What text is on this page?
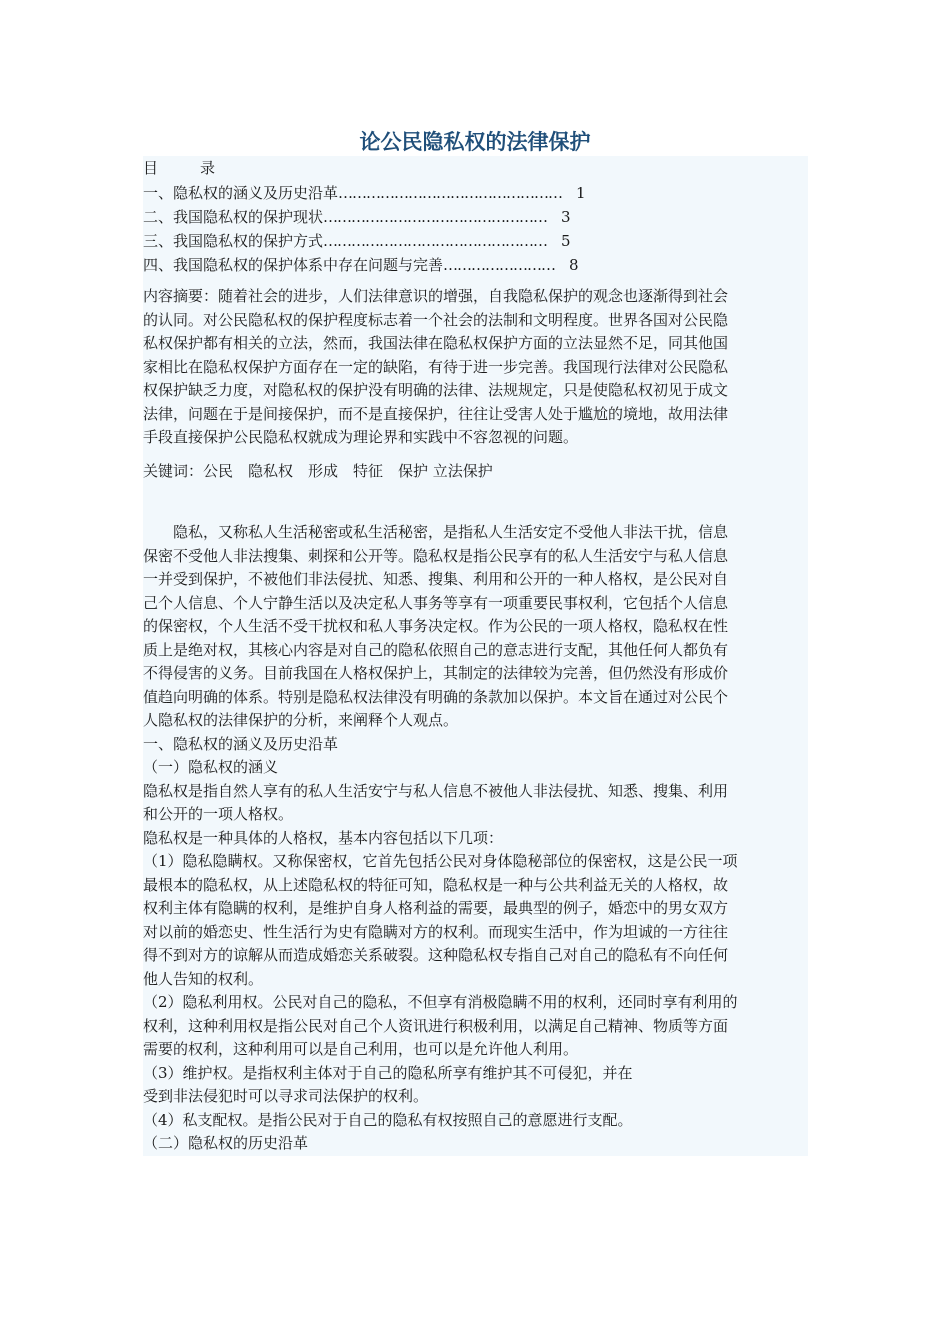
论公民隐私权的法律保护
目	录
一、隐私权的涵义及历史沿革 ………………………………………… 1
二、我国隐私权的保护现状 ………………………………………… 3
三、我国隐私权的保护方式 ………………………………………… 5
四、我国隐私权的保护体系中存在问题与完善 …………………… 8
内容摘要：随着社会的进步，人们法律意识的增强，自我隐私保护的观念也逐渐得到社会
的认同。对公民隐私权的保护程度标志着一个社会的法制和文明程度。世界各国对公民隐
私权保护都有相关的立法，然而，我国法律在隐私权保护方面的立法显然不足，同其他国
家相比在隐私权保护方面存在一定的缺陷，有待于进一步完善。我国现行法律对公民隐私
权保护缺乏力度，对隐私权的保护没有明确的法律、法规规定，只是使隐私权初见于成文
法律，问题在于是间接保护，而不是直接保护，往往让受害人处于尴尬的境地，故用法律
手段直接保护公民隐私权就成为理论界和实践中不容忽视的问题。
关键词：公民　隐私权　形成　特征　保护 立法保护
　　隐私，又称私人生活秘密或私生活秘密，是指私人生活安定不受他人非法干扰，信息
保密不受他人非法搜集、刺探和公开等。隐私权是指公民享有的私人生活安宁与私人信息
一并受到保护，不被他们非法侵扰、知悉、搜集、利用和公开的一种人格权，是公民对自
己个人信息、个人宁静生活以及决定私人事务等享有一项重要民事权利，它包括个人信息
的保密权，个人生活不受干扰权和私人事务决定权。作为公民的一项人格权，隐私权在性
质上是绝对权，其核心内容是对自己的隐私依照自己的意志进行支配，其他任何人都负有
不得侵害的义务。目前我国在人格权保护上，其制定的法律较为完善，但仍然没有形成价
值趋向明确的体系。特别是隐私权法律没有明确的条款加以保护。本文旨在通过对公民个
人隐私权的法律保护的分析，来阐释个人观点。
一、隐私权的涵义及历史沿革
（一）隐私权的涵义
隐私权是指自然人享有的私人生活安宁与私人信息不被他人非法侵扰、知悉、搜集、利用
和公开的一项人格权。
隐私权是一种具体的人格权，基本内容包括以下几项：
（1）隐私隐瞒权。又称保密权，它首先包括公民对身体隐秘部位的保密权，这是公民一项
最根本的隐私权，从上述隐私权的特征可知，隐私权是一种与公共利益无关的人格权，故
权利主体有隐瞒的权利，是维护自身人格利益的需要，最典型的例子，婚恋中的男女双方
对以前的婚恋史、性生活行为史有隐瞒对方的权利。而现实生活中，作为坦诚的一方往往
得不到对方的谅解从而造成婚恋关系破裂。这种隐私权专指自己对自己的隐私有不向任何
他人告知的权利。
（2）隐私利用权。公民对自己的隐私，不但享有消极隐瞒不用的权利，还同时享有利用的
权利，这种利用权是指公民对自己个人资讯进行积极利用，以满足自己精神、物质等方面
需要的权利，这种利用可以是自己利用，也可以是允许他人利用。
（3）维护权。是指权利主体对于自己的隐私所享有维护其不可侵犯，并在
受到非法侵犯时可以寻求司法保护的权利。
（4）私支配权。是指公民对于自己的隐私有权按照自己的意愿进行支配。
（二）隐私权的历史沿革
